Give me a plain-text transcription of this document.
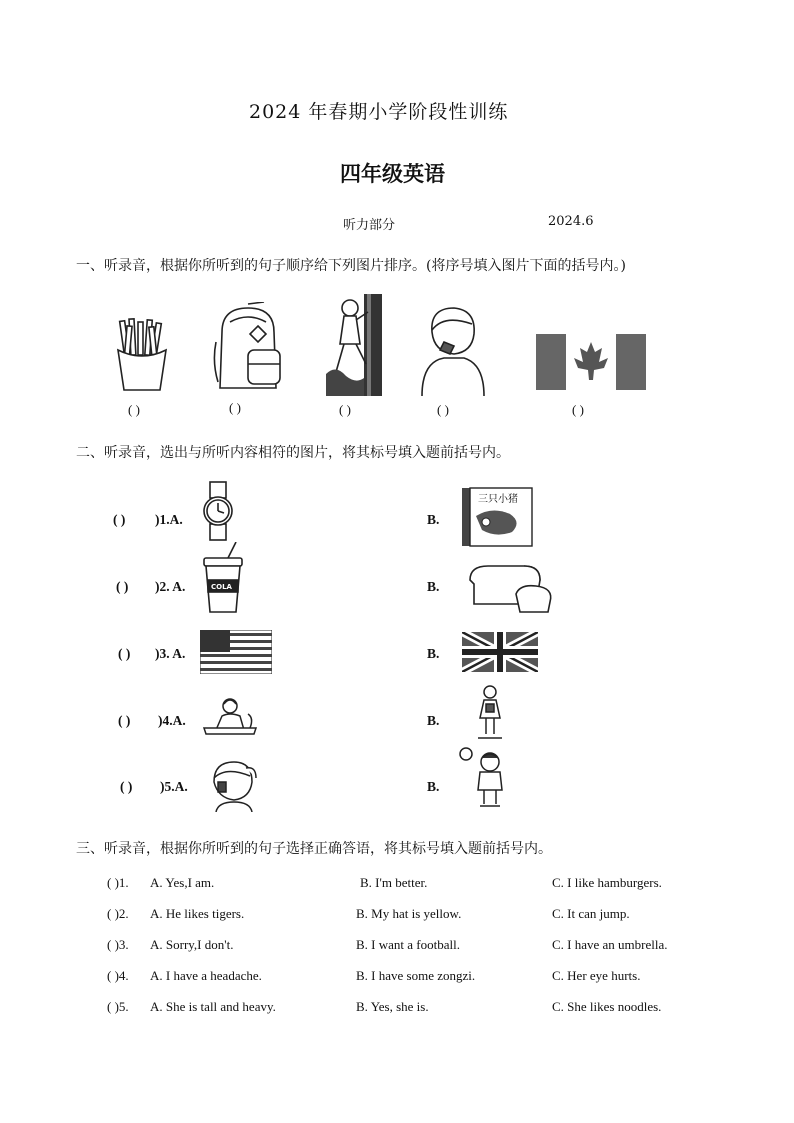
2024 年春期小学阶段性训练
四年级英语
听力部分	2024.6
一、听录音，根据你所听到的句子顺序给下列图片排序。(将序号填入图片下面的括号内。)
( )	( )	( )	( )	( )
二、听录音，选出与所听内容相符的图片，将其标号填入题前括号内。
( ) )1.A.	B.
三只小猪
( ) )2. A.	COLA	B.
( ) )3. A.	B.
( ) )4.A.	B.
( ) )5.A.	B.
三、听录音，根据你所听到的句子选择正确答语，将其标号填入题前括号内。
( )1. A. Yes,I am.	B. I'm better.	C. I like hamburgers.
( )2. A. He likes tigers.	B. My hat is yellow.	C. It can jump.
( )3. A. Sorry,I don't.	B. I want a football.	C. I have an umbrella.
( )4. A. I have a headache.	B. I have some zongzi.	C. Her eye hurts.
( )5. A. She is tall and heavy.	B. Yes, she is.	C. She likes noodles.
